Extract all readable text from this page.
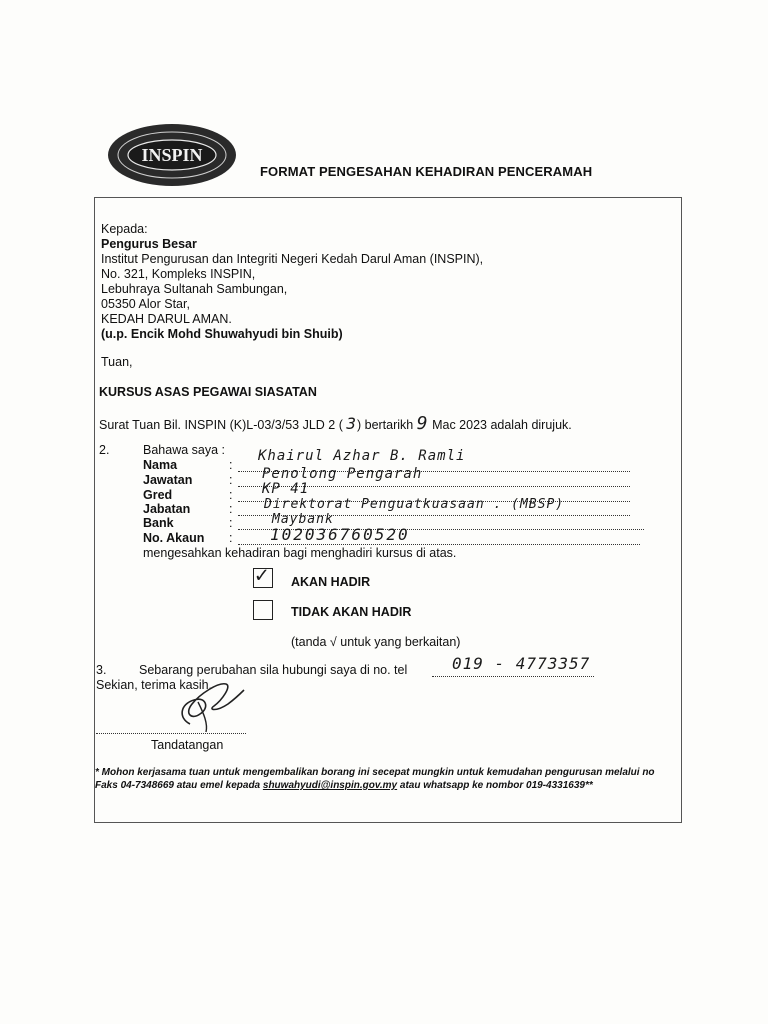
INSPIN
FORMAT PENGESAHAN KEHADIRAN PENCERAMAH
Kepada:
Pengurus Besar
Institut Pengurusan dan Integriti Negeri Kedah Darul Aman (INSPIN),
No. 321, Kompleks INSPIN,
Lebuhraya Sultanah Sambungan,
05350 Alor Star,
KEDAH DARUL AMAN.
(u.p. Encik Mohd Shuwahyudi bin Shuib)
Tuan,
KURSUS ASAS PEGAWAI SIASATAN
Surat Tuan Bil. INSPIN (K)L-03/3/53 JLD 2 ( 3) bertarikh 9 Mac 2023 adalah dirujuk.
2.	Bahawa saya :
Nama	:
Khairul Azhar B. Ramli
Jawatan	: Penolong Pengarah
Gred	: KP 41
Jabatan	: Direktorat Penguatkuasaan . (MBSP)
Bank	:	Maybank
No. Akaun : 102036760520
mengesahkan kehadiran bagi menghadiri kursus di atas.
✓ AKAN HADIR
TIDAK AKAN HADIR
(tanda √ untuk yang berkaitan)
3.	Sebarang perubahan sila hubungi saya di no. tel	019 - 4773357
Sekian, terima kasih.
Tandatangan
* Mohon kerjasama tuan untuk mengembalikan borang ini secepat mungkin untuk kemudahan pengurusan melalui no
Faks 04-7348669 atau emel kepada shuwahyudi@inspin.gov.my atau whatsapp ke nombor 019-4331639**
